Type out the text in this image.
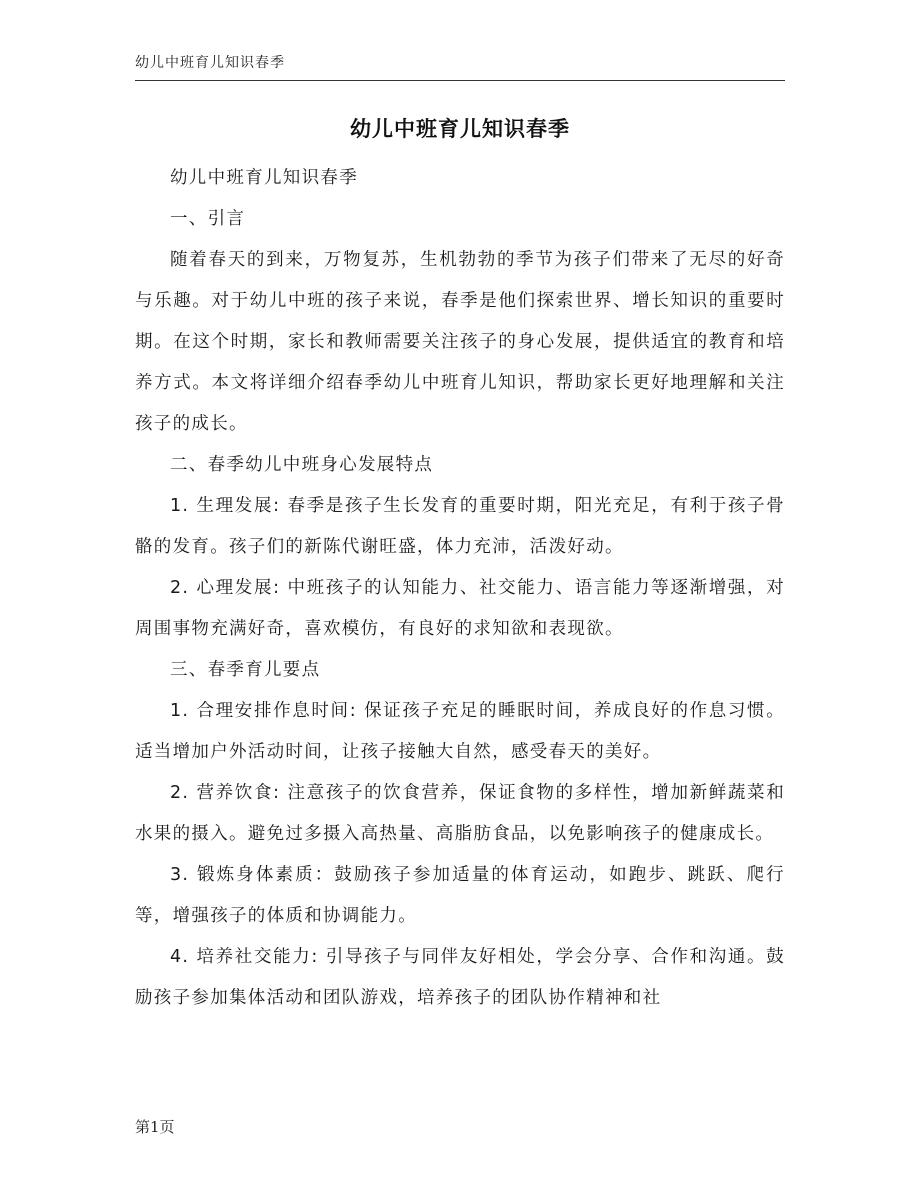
幼儿中班育儿知识春季
幼儿中班育儿知识春季

幼儿中班育儿知识春季

一、引言

随着春天的到来，万物复苏，生机勃勃的季节为孩子们带来了无尽的好奇与乐趣。对于幼儿中班的孩子来说，春季是他们探索世界、增长知识的重要时期。在这个时期，家长和教师需要关注孩子的身心发展，提供适宜的教育和培养方式。本文将详细介绍春季幼儿中班育儿知识，帮助家长更好地理解和关注孩子的成长。

二、春季幼儿中班身心发展特点

1. 生理发展: 春季是孩子生长发育的重要时期，阳光充足，有利于孩子骨骼的发育。孩子们的新陈代谢旺盛，体力充沛，活泼好动。

2. 心理发展: 中班孩子的认知能力、社交能力、语言能力等逐渐增强，对周围事物充满好奇，喜欢模仿，有良好的求知欲和表现欲。

三、春季育儿要点

1. 合理安排作息时间: 保证孩子充足的睡眠时间，养成良好的作息习惯。适当增加户外活动时间，让孩子接触大自然，感受春天的美好。

2. 营养饮食: 注意孩子的饮食营养，保证食物的多样性，增加新鲜蔬菜和水果的摄入。避免过多摄入高热量、高脂肪食品，以免影响孩子的健康成长。

3. 锻炼身体素质：鼓励孩子参加适量的体育运动，如跑步、跳跃、爬行等，增强孩子的体质和协调能力。

4. 培养社交能力: 引导孩子与同伴友好相处，学会分享、合作和沟通。鼓励孩子参加集体活动和团队游戏，培养孩子的团队协作精神和社

第1页
